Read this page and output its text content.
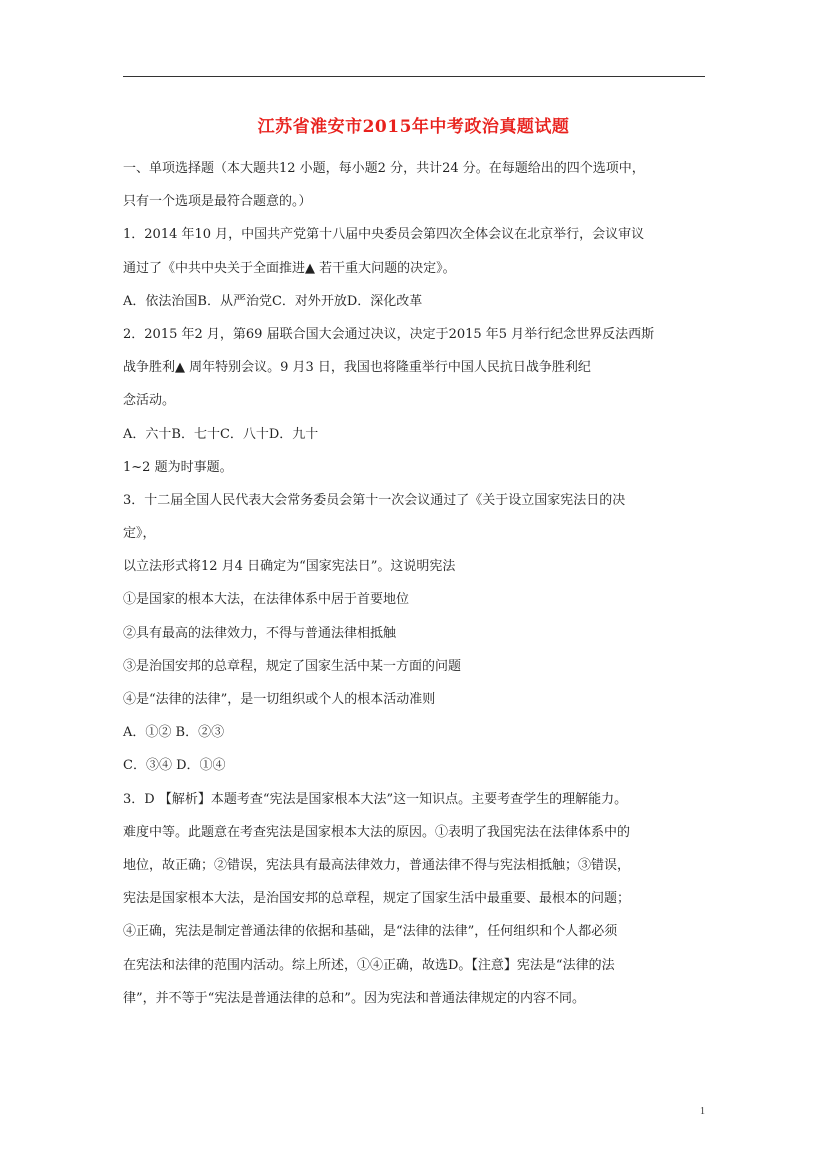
江苏省淮安市2015年中考政治真题试题
一、单项选择题（本大题共12 小题，每小题2 分，共计24 分。在每题给出的四个选项中，
只有一个选项是最符合题意的。）
1．2014 年10 月，中国共产党第十八届中央委员会第四次全体会议在北京举行，会议审议
通过了《中共中央关于全面推进▲ 若干重大问题的决定》。
A．依法治国B．从严治党C．对外开放D．深化改革
2．2015 年2 月，第69 届联合国大会通过决议，决定于2015 年5 月举行纪念世界反法西斯
战争胜利▲ 周年特别会议。9 月3 日，我国也将隆重举行中国人民抗日战争胜利纪
念活动。
A．六十B．七十C．八十D．九十
1~2 题为时事题。
3．十二届全国人民代表大会常务委员会第十一次会议通过了《关于设立国家宪法日的决
定》，
以立法形式将12 月4 日确定为“国家宪法日”。这说明宪法
①是国家的根本大法，在法律体系中居于首要地位
②具有最高的法律效力，不得与普通法律相抵触
③是治国安邦的总章程，规定了国家生活中某一方面的问题
④是“法律的法律”，是一切组织或个人的根本活动准则
A．①② B．②③
C．③④ D．①④
3．D 【解析】本题考查“宪法是国家根本大法”这一知识点。主要考查学生的理解能力。
难度中等。此题意在考查宪法是国家根本大法的原因。①表明了我国宪法在法律体系中的
地位，故正确；②错误，宪法具有最高法律效力，普通法律不得与宪法相抵触；③错误，
宪法是国家根本大法，是治国安邦的总章程，规定了国家生活中最重要、最根本的问题；
④正确，宪法是制定普通法律的依据和基础，是“法律的法律”，任何组织和个人都必须
在宪法和法律的范围内活动。综上所述，①④正确，故选D。【注意】宪法是“法律的法
律”，并不等于“宪法是普通法律的总和”。因为宪法和普通法律规定的内容不同。
1
